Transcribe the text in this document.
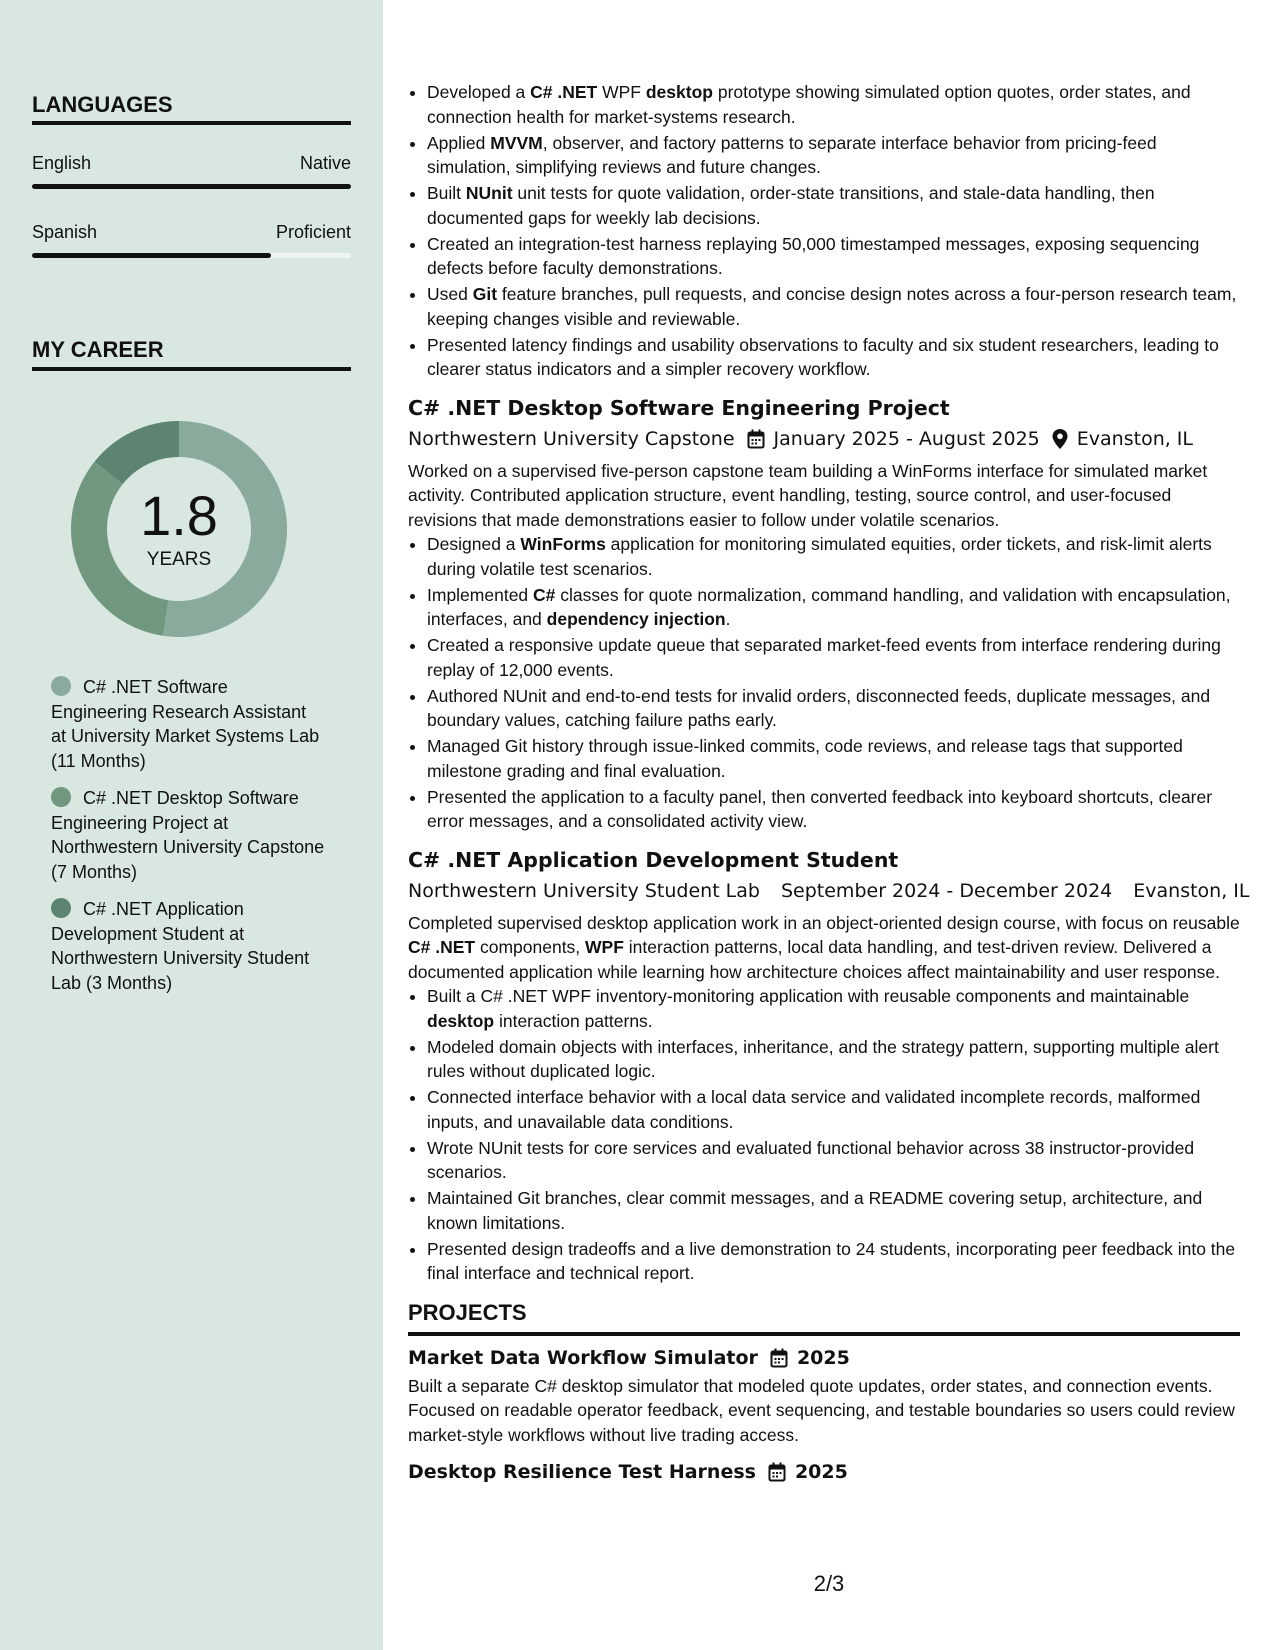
LANGUAGES
English	Native
Spanish	Proficient
MY CAREER
1.8
YEARS
C# .NET Software Engineering Research Assistant at University Market Systems Lab (11 Months)
C# .NET Desktop Software Engineering Project at Northwestern University Capstone (7 Months)
C# .NET Application Development Student at Northwestern University Student Lab (3 Months)
• Developed a C# .NET WPF desktop prototype showing simulated option quotes, order states, and connection health for market-systems research.
• Applied MVVM, observer, and factory patterns to separate interface behavior from pricing-feed simulation, simplifying reviews and future changes.
• Built NUnit unit tests for quote validation, order-state transitions, and stale-data handling, then documented gaps for weekly lab decisions.
• Created an integration-test harness replaying 50,000 timestamped messages, exposing sequencing defects before faculty demonstrations.
• Used Git feature branches, pull requests, and concise design notes across a four-person research team, keeping changes visible and reviewable.
• Presented latency findings and usability observations to faculty and six student researchers, leading to clearer status indicators and a simpler recovery workflow.
C# .NET Desktop Software Engineering Project
Northwestern University Capstone January 2025 - August 2025 Evanston, IL
Worked on a supervised five-person capstone team building a WinForms interface for simulated market activity. Contributed application structure, event handling, testing, source control, and user-focused revisions that made demonstrations easier to follow under volatile scenarios.
• Designed a WinForms application for monitoring simulated equities, order tickets, and risk-limit alerts during volatile test scenarios.
• Implemented C# classes for quote normalization, command handling, and validation with encapsulation, interfaces, and dependency injection.
• Created a responsive update queue that separated market-feed events from interface rendering during replay of 12,000 events.
• Authored NUnit and end-to-end tests for invalid orders, disconnected feeds, duplicate messages, and boundary values, catching failure paths early.
• Managed Git history through issue-linked commits, code reviews, and release tags that supported milestone grading and final evaluation.
• Presented the application to a faculty panel, then converted feedback into keyboard shortcuts, clearer error messages, and a consolidated activity view.
C# .NET Application Development Student
Northwestern University Student Lab September 2024 - December 2024 Evanston, IL
Completed supervised desktop application work in an object-oriented design course, with focus on reusable C# .NET components, WPF interaction patterns, local data handling, and test-driven review. Delivered a documented application while learning how architecture choices affect maintainability and user response.
• Built a C# .NET WPF inventory-monitoring application with reusable components and maintainable desktop interaction patterns.
• Modeled domain objects with interfaces, inheritance, and the strategy pattern, supporting multiple alert rules without duplicated logic.
• Connected interface behavior with a local data service and validated incomplete records, malformed inputs, and unavailable data conditions.
• Wrote NUnit tests for core services and evaluated functional behavior across 38 instructor-provided scenarios.
• Maintained Git branches, clear commit messages, and a README covering setup, architecture, and known limitations.
• Presented design tradeoffs and a live demonstration to 24 students, incorporating peer feedback into the final interface and technical report.
PROJECTS
Market Data Workflow Simulator 2025
Built a separate C# desktop simulator that modeled quote updates, order states, and connection events. Focused on readable operator feedback, event sequencing, and testable boundaries so users could review market-style workflows without live trading access.
Desktop Resilience Test Harness 2025
2/3
